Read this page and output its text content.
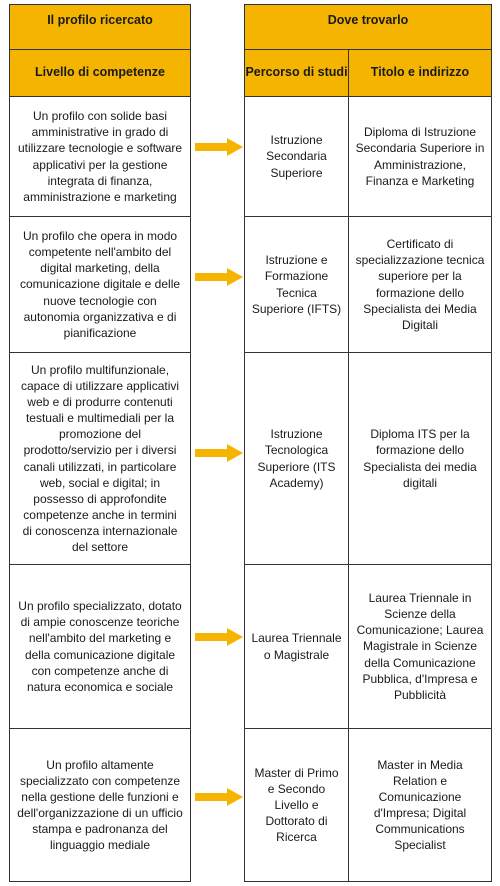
Il profilo ricercato
Livello di competenze
Un profilo con solide basi amministrative in grado di utilizzare tecnologie e software applicativi per la gestione integrata di finanza, amministrazione e marketing
Un profilo che opera in modo competente nell'ambito del digital marketing, della comunicazione digitale e delle nuove tecnologie con autonomia organizzativa e di pianificazione
Un profilo multifunzionale, capace di utilizzare applicativi web e di produrre contenuti testuali e multimediali per la promozione del prodotto/servizio per i diversi canali utilizzati, in particolare web, social e digital; in possesso di approfondite competenze anche in termini di conoscenza internazionale del settore
Un profilo specializzato, dotato di ampie conoscenze teoriche nell'ambito del marketing e della comunicazione digitale con competenze anche di natura economica e sociale
Un profilo altamente specializzato con competenze nella gestione delle funzioni e dell'organizzazione di un ufficio stampa e padronanza del linguaggio mediale
Dove trovarlo
Percorso di studi	Titolo e indirizzo
Istruzione Secondaria Superiore
Diploma di Istruzione Secondaria Superiore in Amministrazione, Finanza e Marketing
Istruzione e Formazione Tecnica Superiore (IFTS)
Certificato di specializzazione tecnica superiore per la formazione dello Specialista dei Media Digitali
Istruzione Tecnologica Superiore (ITS Academy)
Diploma ITS per la formazione dello Specialista dei media digitali
Laurea Triennale o Magistrale
Laurea Triennale in Scienze della Comunicazione; Laurea Magistrale in Scienze della Comunicazione Pubblica, d'Impresa e Pubblicità
Master di Primo e Secondo Livello e Dottorato di Ricerca
Master in Media Relation e Comunicazione d'Impresa; Digital Communications Specialist
